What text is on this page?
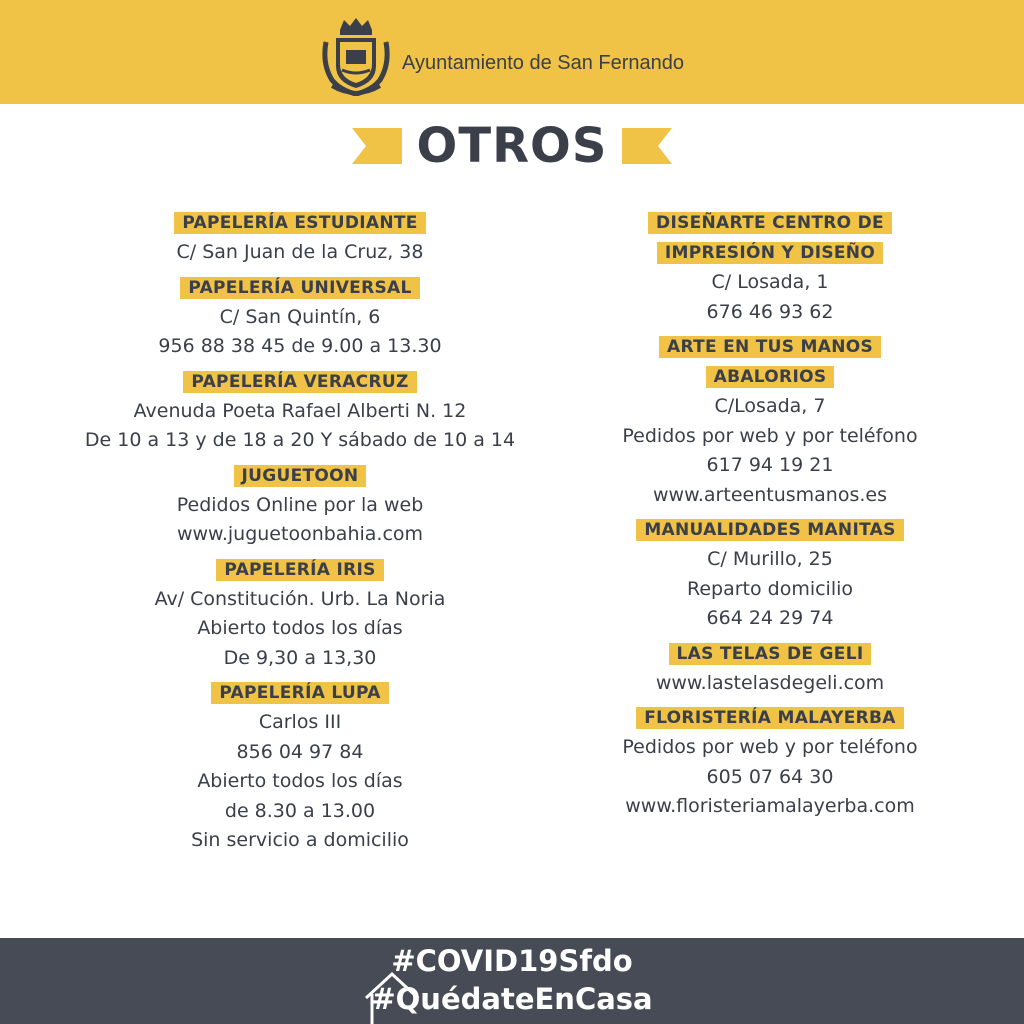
Ayuntamiento de San Fernando
OTROS
PAPELERÍA ESTUDIANTE
C/ San Juan de la Cruz, 38
PAPELERÍA UNIVERSAL
C/ San Quintín, 6
956 88 38 45 de 9.00 a 13.30
PAPELERÍA VERACRUZ
Avenuda Poeta Rafael Alberti N. 12
De 10 a 13 y de 18 a 20 Y sábado de 10 a 14
JUGUETOON
Pedidos Online por la web
www.juguetoonbahia.com
PAPELERÍA IRIS
Av/ Constitución. Urb. La Noria
Abierto todos los días
De 9,30 a 13,30
PAPELERÍA LUPA
Carlos III
856 04 97 84
Abierto todos los días
de 8.30 a 13.00
Sin servicio a domicilio
DISEÑARTE CENTRO DE
IMPRESIÓN Y DISEÑO
C/ Losada, 1
676 46 93 62
ARTE EN TUS MANOS
ABALORIOS
C/Losada, 7
Pedidos por web y por teléfono
617 94 19 21
www.arteentusmanos.es
MANUALIDADES MANITAS
C/ Murillo, 25
Reparto domicilio
664 24 29 74
LAS TELAS DE GELI
www.lastelasdegeli.com
FLORISTERÍA MALAYERBA
Pedidos por web y por teléfono
605 07 64 30
www.floristeriamalayerba.com
#COVID19Sfdo
#QuédateEnCasa
